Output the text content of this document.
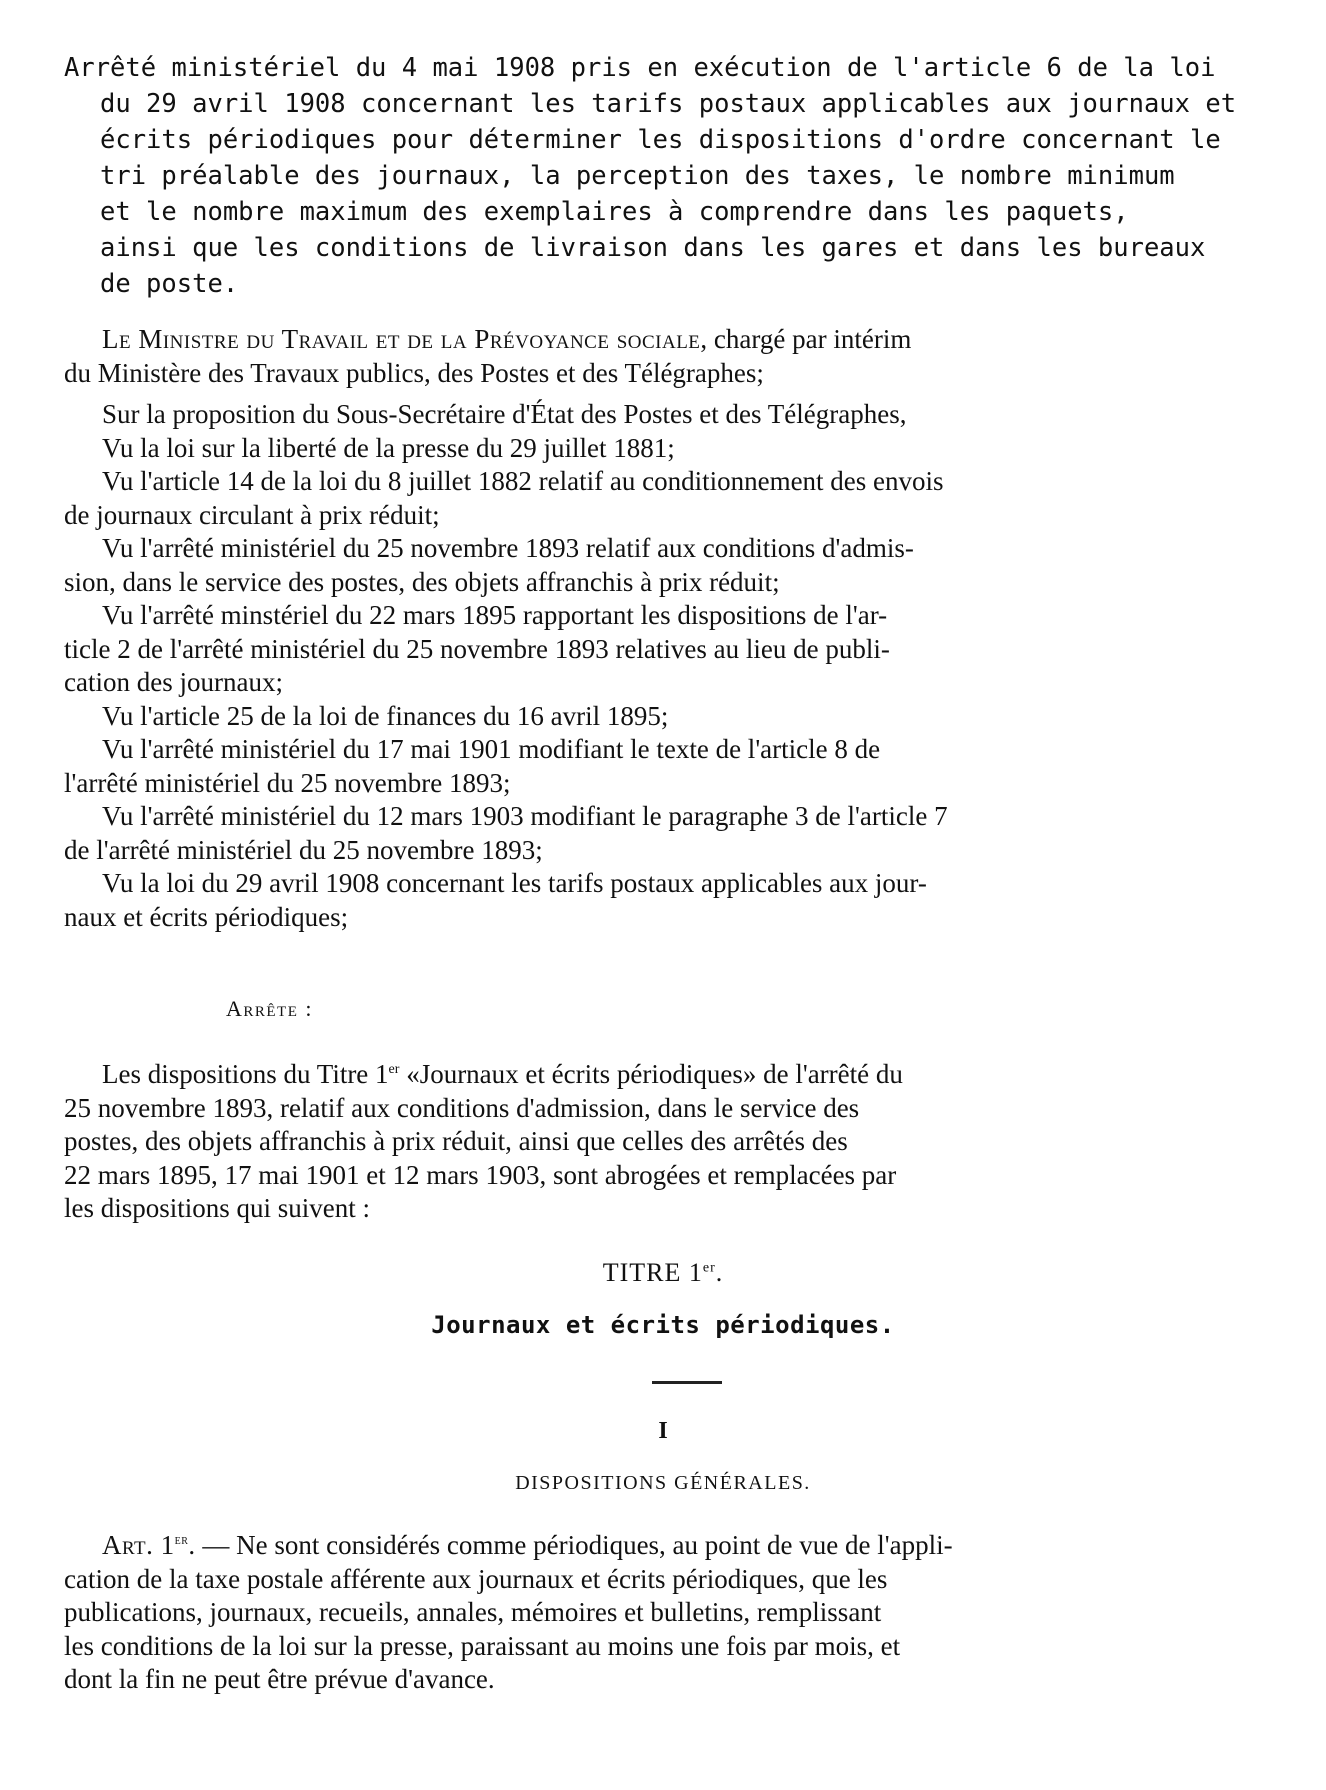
Arrêté ministériel du 4 mai 1908 pris en exécution de l'article 6 de la loi
du 29 avril 1908 concernant les tarifs postaux applicables aux journaux et
écrits périodiques pour déterminer les dispositions d'ordre concernant le
tri préalable des journaux, la perception des taxes, le nombre minimum
et le nombre maximum des exemplaires à comprendre dans les paquets,
ainsi que les conditions de livraison dans les gares et dans les bureaux
de poste.
Le Ministre du Travail et de la Prévoyance sociale, chargé par intérim
du Ministère des Travaux publics, des Postes et des Télégraphes;
Sur la proposition du Sous-Secrétaire d'État des Postes et des Télégraphes,
Vu la loi sur la liberté de la presse du 29 juillet 1881;
Vu l'article 14 de la loi du 8 juillet 1882 relatif au conditionnement des envois
de journaux circulant à prix réduit;
Vu l'arrêté ministériel du 25 novembre 1893 relatif aux conditions d'admis-
sion, dans le service des postes, des objets affranchis à prix réduit;
Vu l'arrêté minstériel du 22 mars 1895 rapportant les dispositions de l'ar-
ticle 2 de l'arrêté ministériel du 25 novembre 1893 relatives au lieu de publi-
cation des journaux;
Vu l'article 25 de la loi de finances du 16 avril 1895;
Vu l'arrêté ministériel du 17 mai 1901 modifiant le texte de l'article 8 de
l'arrêté ministériel du 25 novembre 1893;
Vu l'arrêté ministériel du 12 mars 1903 modifiant le paragraphe 3 de l'article 7
de l'arrêté ministériel du 25 novembre 1893;
Vu la loi du 29 avril 1908 concernant les tarifs postaux applicables aux jour-
naux et écrits périodiques;
Arrête :
Les dispositions du Titre 1er «Journaux et écrits périodiques» de l'arrêté du
25 novembre 1893, relatif aux conditions d'admission, dans le service des
postes, des objets affranchis à prix réduit, ainsi que celles des arrêtés des
22 mars 1895, 17 mai 1901 et 12 mars 1903, sont abrogées et remplacées par
les dispositions qui suivent :
TITRE 1er.
Journaux et écrits périodiques.
I
DISPOSITIONS GÉNÉRALES.
Art. 1er. — Ne sont considérés comme périodiques, au point de vue de l'appli-
cation de la taxe postale afférente aux journaux et écrits périodiques, que les
publications, journaux, recueils, annales, mémoires et bulletins, remplissant
les conditions de la loi sur la presse, paraissant au moins une fois par mois, et
dont la fin ne peut être prévue d'avance.
